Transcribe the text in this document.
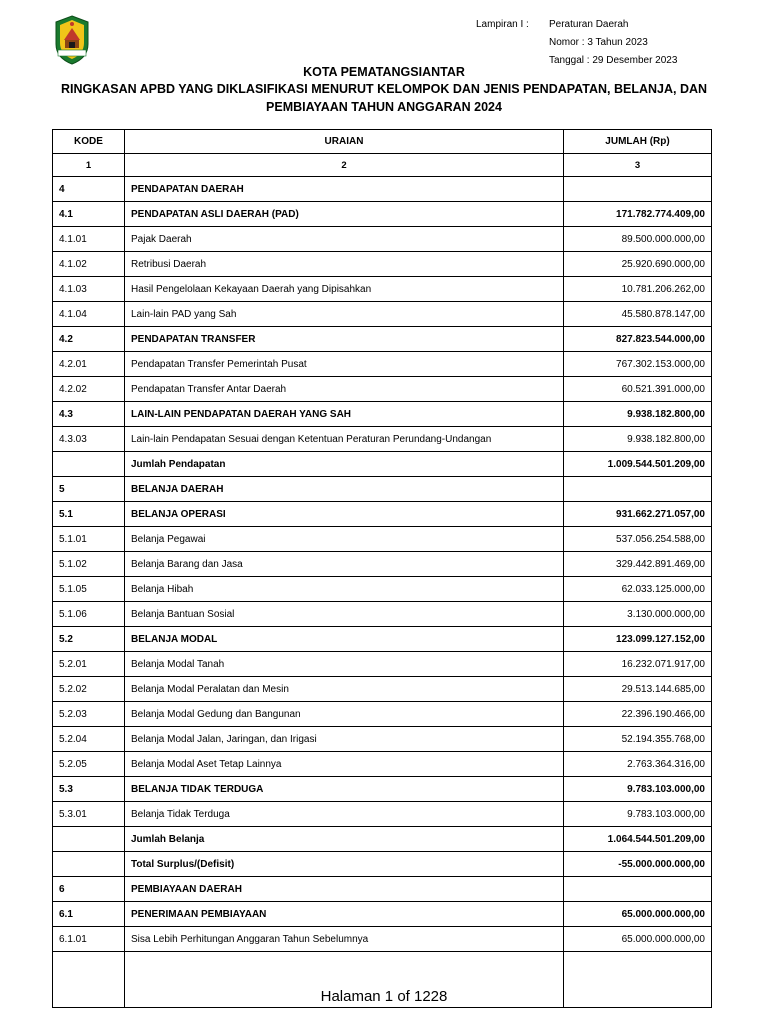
Lampiran I : Peraturan Daerah
Nomor : 3 Tahun 2023
Tanggal : 29 Desember 2023
KOTA PEMATANGSIANTAR
RINGKASAN APBD YANG DIKLASIFIKASI MENURUT KELOMPOK DAN JENIS PENDAPATAN, BELANJA, DAN PEMBIAYAAN TAHUN ANGGARAN 2024
KODE	URAIAN	JUMLAH (Rp)
1	2	3
4	PENDAPATAN DAERAH	
4.1	PENDAPATAN ASLI DAERAH (PAD)	171.782.774.409,00
4.1.01	Pajak Daerah	89.500.000.000,00
4.1.02	Retribusi Daerah	25.920.690.000,00
4.1.03	Hasil Pengelolaan Kekayaan Daerah yang Dipisahkan	10.781.206.262,00
4.1.04	Lain-lain PAD yang Sah	45.580.878.147,00
4.2	PENDAPATAN TRANSFER	827.823.544.000,00
4.2.01	Pendapatan Transfer Pemerintah Pusat	767.302.153.000,00
4.2.02	Pendapatan Transfer Antar Daerah	60.521.391.000,00
4.3	LAIN-LAIN PENDAPATAN DAERAH YANG SAH	9.938.182.800,00
4.3.03	Lain-lain Pendapatan Sesuai dengan Ketentuan Peraturan Perundang-Undangan	9.938.182.800,00
	Jumlah Pendapatan	1.009.544.501.209,00
5	BELANJA DAERAH	
5.1	BELANJA OPERASI	931.662.271.057,00
5.1.01	Belanja Pegawai	537.056.254.588,00
5.1.02	Belanja Barang dan Jasa	329.442.891.469,00
5.1.05	Belanja Hibah	62.033.125.000,00
5.1.06	Belanja Bantuan Sosial	3.130.000.000,00
5.2	BELANJA MODAL	123.099.127.152,00
5.2.01	Belanja Modal Tanah	16.232.071.917,00
5.2.02	Belanja Modal Peralatan dan Mesin	29.513.144.685,00
5.2.03	Belanja Modal Gedung dan Bangunan	22.396.190.466,00
5.2.04	Belanja Modal Jalan, Jaringan, dan Irigasi	52.194.355.768,00
5.2.05	Belanja Modal Aset Tetap Lainnya	2.763.364.316,00
5.3	BELANJA TIDAK TERDUGA	9.783.103.000,00
5.3.01	Belanja Tidak Terduga	9.783.103.000,00
	Jumlah Belanja	1.064.544.501.209,00
	Total Surplus/(Defisit)	-55.000.000.000,00
6	PEMBIAYAAN DAERAH	
6.1	PENERIMAAN PEMBIAYAAN	65.000.000.000,00
6.1.01	Sisa Lebih Perhitungan Anggaran Tahun Sebelumnya	65.000.000.000,00

Halaman 1 of 1228
